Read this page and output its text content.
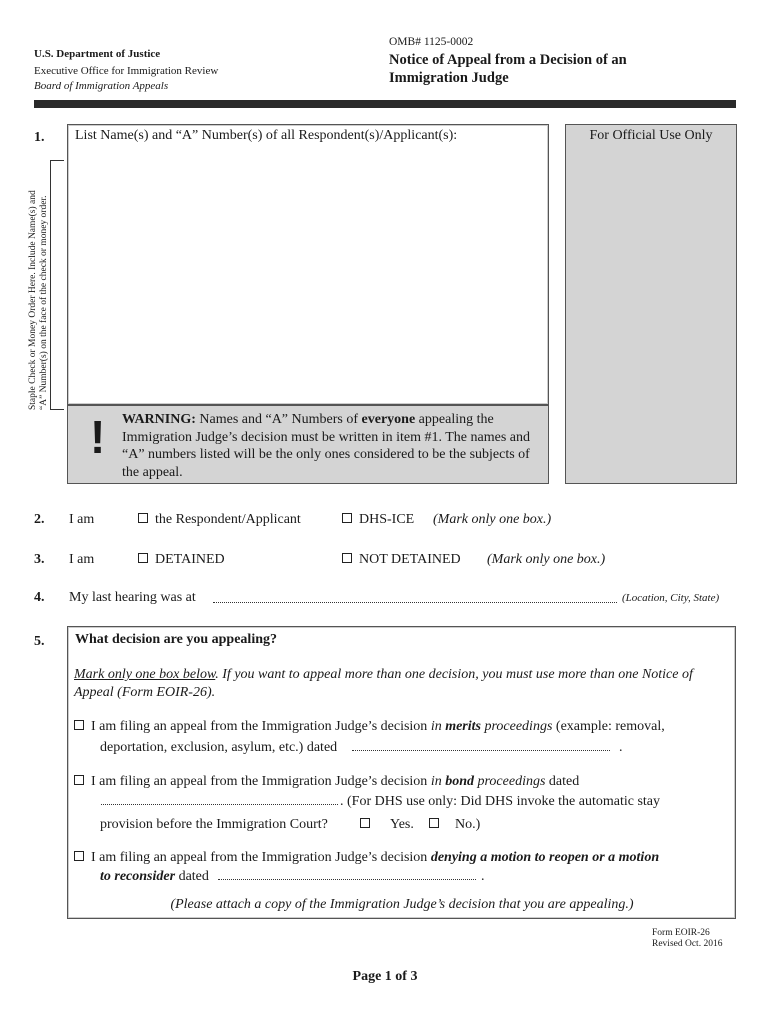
U.S. Department of Justice
Executive Office for Immigration Review
Board of Immigration Appeals
OMB# 1125-0002
Notice of Appeal from a Decision of an
Immigration Judge
Staple Check or Money Order Here. Include Name(s) and “A” Number(s) on the face of the check or money order.
1. List Name(s) and “A” Number(s) of all Respondent(s)/Applicant(s):	For Official Use Only
! WARNING: Names and “A” Numbers of everyone appealing the Immigration Judge’s decision must be written in item #1. The names and “A” numbers listed will be the only ones considered to be the subjects of the appeal.
2. I am	the Respondent/Applicant	DHS-ICE (Mark only one box.)
3. I am	DETAINED	NOT DETAINED (Mark only one box.)
4. My last hearing was at	(Location, City, State)
5. What decision are you appealing?
Mark only one box below. If you want to appeal more than one decision, you must use more than one Notice of Appeal (Form EOIR-26).
I am filing an appeal from the Immigration Judge’s decision in merits proceedings (example: removal,
deportation, exclusion, asylum, etc.) dated	.
I am filing an appeal from the Immigration Judge’s decision in bond proceedings dated
. (For DHS use only: Did DHS invoke the automatic stay
provision before the Immigration Court?	Yes.	No.)
I am filing an appeal from the Immigration Judge’s decision denying a motion to reopen or a motion
to reconsider dated	.
(Please attach a copy of the Immigration Judge’s decision that you are appealing.)
Form EOIR-26
Revised Oct. 2016
Page 1 of 3
